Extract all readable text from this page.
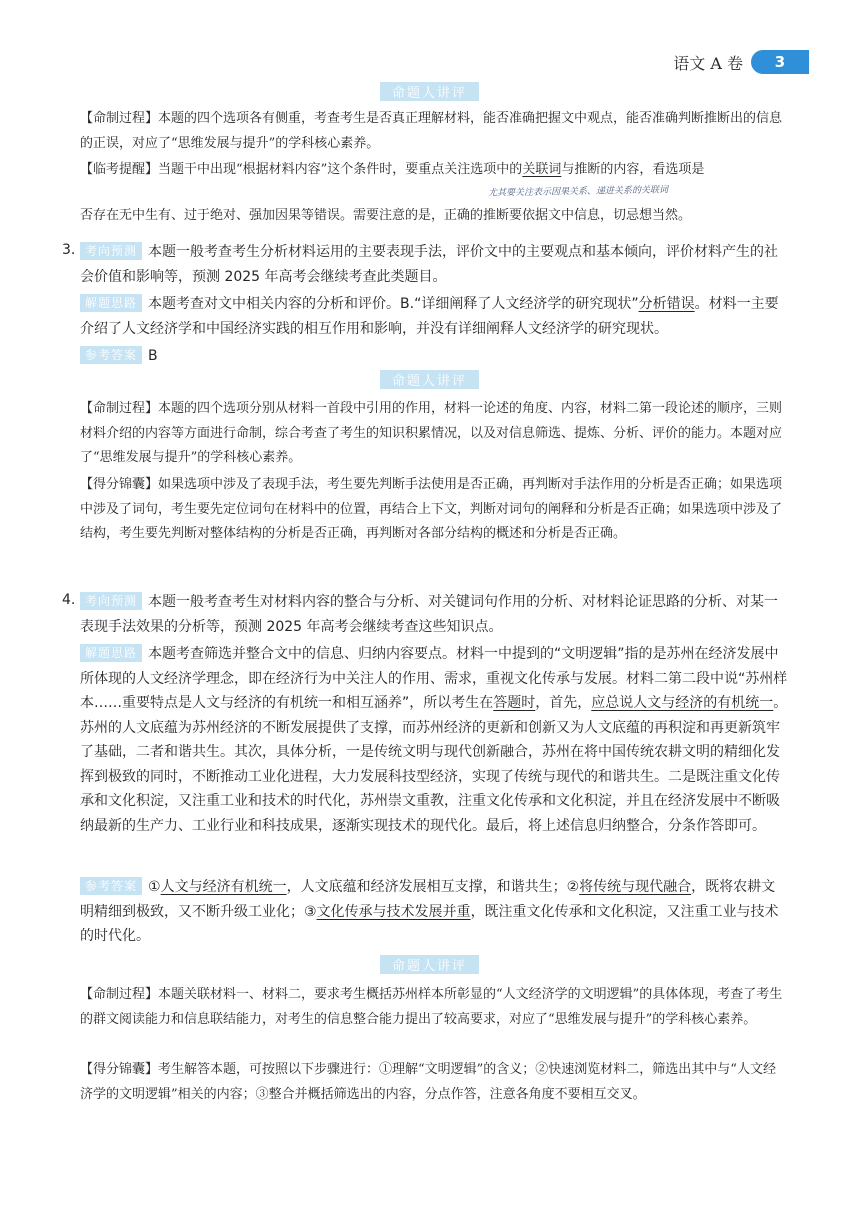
语文 A 卷	3
命题人讲评
【命制过程】本题的四个选项各有侧重，考查考生是否真正理解材料，能否准确把握文中观点，能否准确判断推断出的信息的正误，对应了“思维发展与提升”的学科核心素养。
【临考提醒】当题干中出现“根据材料内容”这个条件时，要重点关注选项中的关联词与推断的内容，看选项是
尤其要关注表示因果关系、递进关系的关联词
否存在无中生有、过于绝对、强加因果等错误。需要注意的是，正确的推断要依据文中信息，切忌想当然。
3. 考向预测 本题一般考查考生分析材料运用的主要表现手法，评价文中的主要观点和基本倾向，评价材料产生的社会价值和影响等，预测 2025 年高考会继续考查此类题目。
解题思路 本题考查对文中相关内容的分析和评价。B.“详细阐释了人文经济学的研究现状”分析错误。材料一主要介绍了人文经济学和中国经济实践的相互作用和影响，并没有详细阐释人文经济学的研究现状。
参考答案 B
命题人讲评
【命制过程】本题的四个选项分别从材料一首段中引用的作用，材料一论述的角度、内容，材料二第一段论述的顺序，三则材料介绍的内容等方面进行命制，综合考查了考生的知识积累情况，以及对信息筛选、提炼、分析、评价的能力。本题对应了“思维发展与提升”的学科核心素养。
【得分锦囊】如果选项中涉及了表现手法，考生要先判断手法使用是否正确，再判断对手法作用的分析是否正确；如果选项中涉及了词句，考生要先定位词句在材料中的位置，再结合上下文，判断对词句的阐释和分析是否正确；如果选项中涉及了结构，考生要先判断对整体结构的分析是否正确，再判断对各部分结构的概述和分析是否正确。
4. 考向预测 本题一般考查考生对材料内容的整合与分析、对关键词句作用的分析、对材料论证思路的分析、对某一表现手法效果的分析等，预测 2025 年高考会继续考查这些知识点。
解题思路 本题考查筛选并整合文中的信息、归纳内容要点。材料一中提到的“文明逻辑”指的是苏州在经济发展中所体现的人文经济学理念，即在经济行为中关注人的作用、需求，重视文化传承与发展。材料二第二段中说“苏州样本……重要特点是人文与经济的有机统一和相互涵养”，所以考生在答题时，首先，应总说人文与经济的有机统一。苏州的人文底蕴为苏州经济的不断发展提供了支撑，而苏州经济的更新和创新又为人文底蕴的再积淀和再更新筑牢了基础，二者和谐共生。其次，具体分析，一是传统文明与现代创新融合，苏州在将中国传统农耕文明的精细化发挥到极致的同时，不断推动工业化进程，大力发展科技型经济，实现了传统与现代的和谐共生。二是既注重文化传承和文化积淀，又注重工业和技术的时代化，苏州崇文重教，注重文化传承和文化积淀，并且在经济发展中不断吸纳最新的生产力、工业行业和科技成果，逐渐实现技术的现代化。最后，将上述信息归纳整合，分条作答即可。
参考答案 ①人文与经济有机统一，人文底蕴和经济发展相互支撑，和谐共生；②将传统与现代融合，既将农耕文明精细到极致，又不断升级工业化；③文化传承与技术发展并重，既注重文化传承和文化积淀，又注重工业与技术的时代化。
命题人讲评
【命制过程】本题关联材料一、材料二，要求考生概括苏州样本所彰显的“人文经济学的文明逻辑”的具体体现，考查了考生的群文阅读能力和信息联结能力，对考生的信息整合能力提出了较高要求，对应了“思维发展与提升”的学科核心素养。
【得分锦囊】考生解答本题，可按照以下步骤进行：①理解“文明逻辑”的含义；②快速浏览材料二，筛选出其中与“人文经济学的文明逻辑”相关的内容；③整合并概括筛选出的内容，分点作答，注意各角度不要相互交叉。
